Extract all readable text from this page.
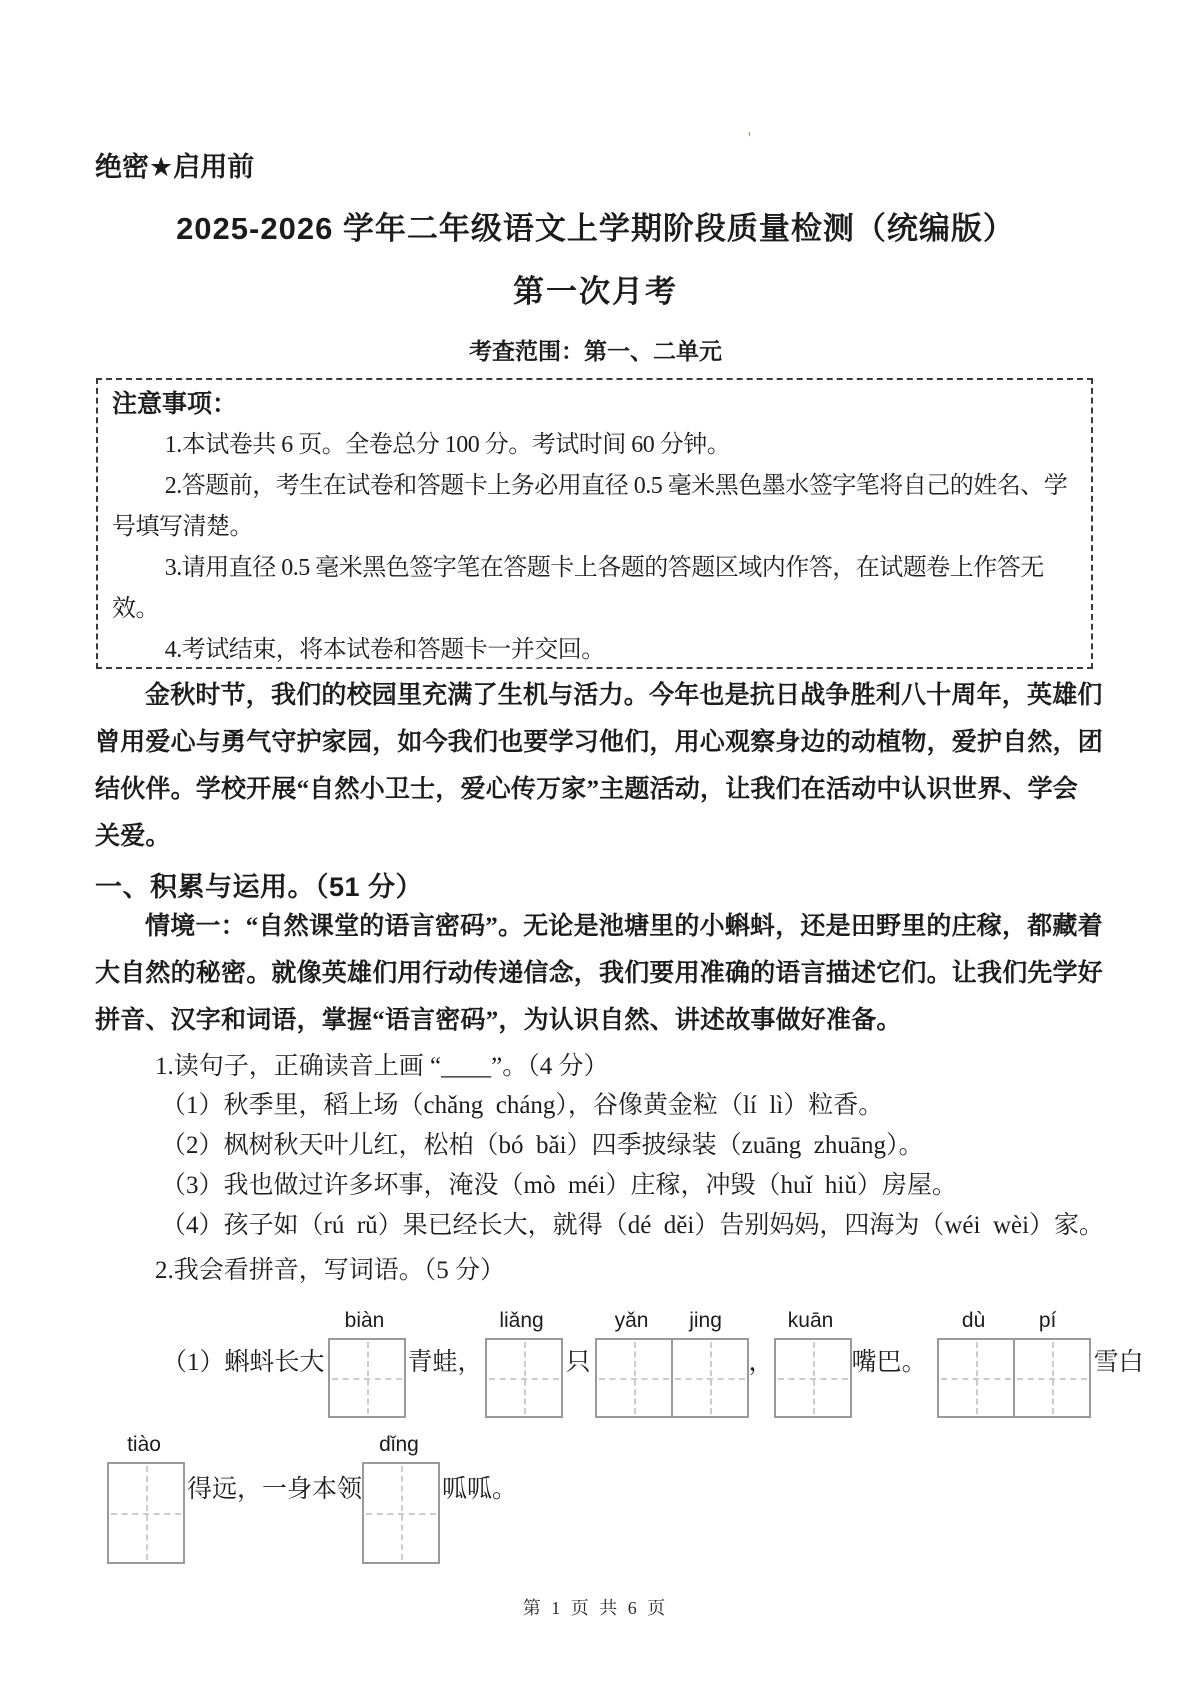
绝密★启用前
'
2025-2026 学年二年级语文上学期阶段质量检测（统编版）
第一次月考
考查范围：第一、二单元
注意事项：
1.本试卷共 6 页。全卷总分 100 分。考试时间 60 分钟。
2.答题前，考生在试卷和答题卡上务必用直径 0.5 毫米黑色墨水签字笔将自己的姓名、学
号填写清楚。
3.请用直径 0.5 毫米黑色签字笔在答题卡上各题的答题区域内作答，在试题卷上作答无
效。
4.考试结束，将本试卷和答题卡一并交回。
金秋时节，我们的校园里充满了生机与活力。今年也是抗日战争胜利八十周年，英雄们
曾用爱心与勇气守护家园，如今我们也要学习他们，用心观察身边的动植物，爱护自然，团
结伙伴。学校开展“自然小卫士，爱心传万家”主题活动，让我们在活动中认识世界、学会
关爱。
一、积累与运用。（51 分）
情境一：“自然课堂的语言密码”。无论是池塘里的小蝌蚪，还是田野里的庄稼，都藏着
大自然的秘密。就像英雄们用行动传递信念，我们要用准确的语言描述它们。让我们先学好
拼音、汉字和词语，掌握“语言密码”，为认识自然、讲述故事做好准备。
1.读句子，正确读音上画 “____”。（4 分）
（1）秋季里，稻上场 •（chǎng  cháng），谷像黄金粒 •（lí  lì）粒香。
（2）枫树秋天叶儿红，松柏 •（bó  bǎi）四季披绿装 •（zuāng  zhuāng）。
（3）我也做过许多坏事，淹没 •（mò  méi）庄稼，冲毁 •（huǐ  hiǔ）房屋。
（4）孩子如 •（rú  rǔ）果已经长大，就得 •（dé  děi）告别妈妈，四海为 •（wéi  wèi）家。
2.我会看拼音，写词语。（5 分）
（1）蝌蚪长大
biàn
青蛙，
liǎng
只
yǎn	jing
，
kuān
嘴巴。
dù	pí
雪白
tiào
得远，一身本领
dǐng
呱呱。
第 1 页 共 6 页
